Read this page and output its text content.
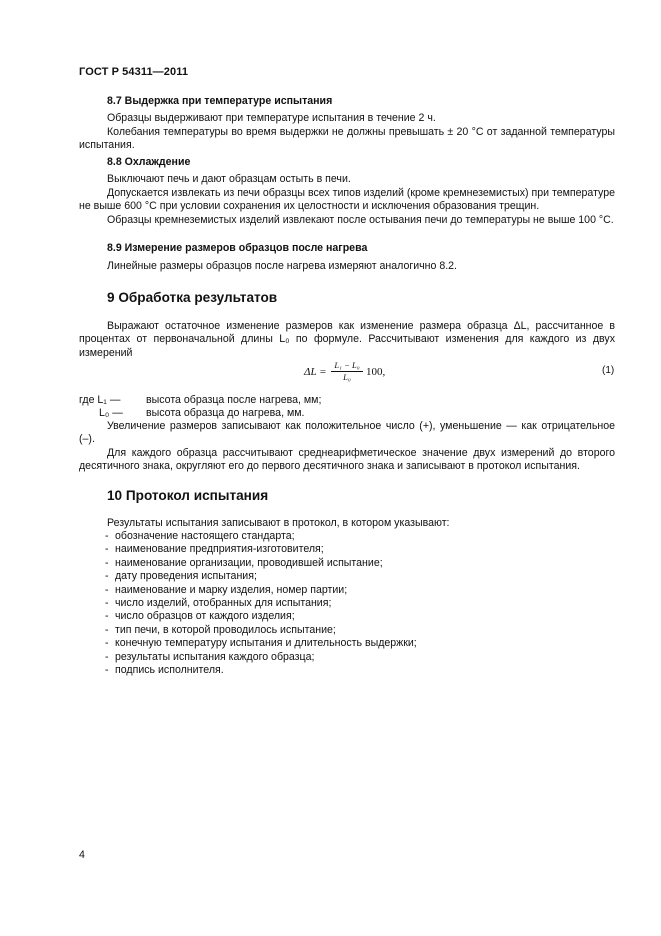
ГОСТ Р 54311—2011
8.7 Выдержка при температуре испытания

Образцы выдерживают при температуре испытания в течение 2 ч.

Колебания температуры во время выдержки не должны превышать ± 20 °С от заданной температуры испытания.

8.8 Охлаждение

Выключают печь и дают образцам остыть в печи.

Допускается извлекать из печи образцы всех типов изделий (кроме кремнеземистых) при температуре не выше 600 °С при условии сохранения их целостности и исключения образования трещин.

Образцы кремнеземистых изделий извлекают после остывания печи до температуры не выше 100 °С.

8.9 Измерение размеров образцов после нагрева

Линейные размеры образцов после нагрева измеряют аналогично 8.2.

9 Обработка результатов

Выражают остаточное изменение размеров как изменение размера образца ΔL, рассчитанное в процентах от первоначальной длины L₀ по формуле. Рассчитывают изменения для каждого из двух измерений

ΔL =
L₁ − L₀
L₀	100,	(1)
где L₁ — высота образца после нагрева, мм;
L₀ — высота образца до нагрева, мм.

Увеличение размеров записывают как положительное число (+), уменьшение — как отрицательное (–).

Для каждого образца рассчитывают среднеарифметическое значение двух измерений до второго десятичного знака, округляют его до первого десятичного знака и записывают в протокол испытания.

10 Протокол испытания

Результаты испытания записывают в протокол, в котором указывают:

- обозначение настоящего стандарта;
- наименование предприятия-изготовителя;
- наименование организации, проводившей испытание;
- дату проведения испытания;
- наименование и марку изделия, номер партии;
- число изделий, отобранных для испытания;
- число образцов от каждого изделия;
- тип печи, в которой проводилось испытание;
- конечную температуру испытания и длительность выдержки;
- результаты испытания каждого образца;
- подпись исполнителя.
4
